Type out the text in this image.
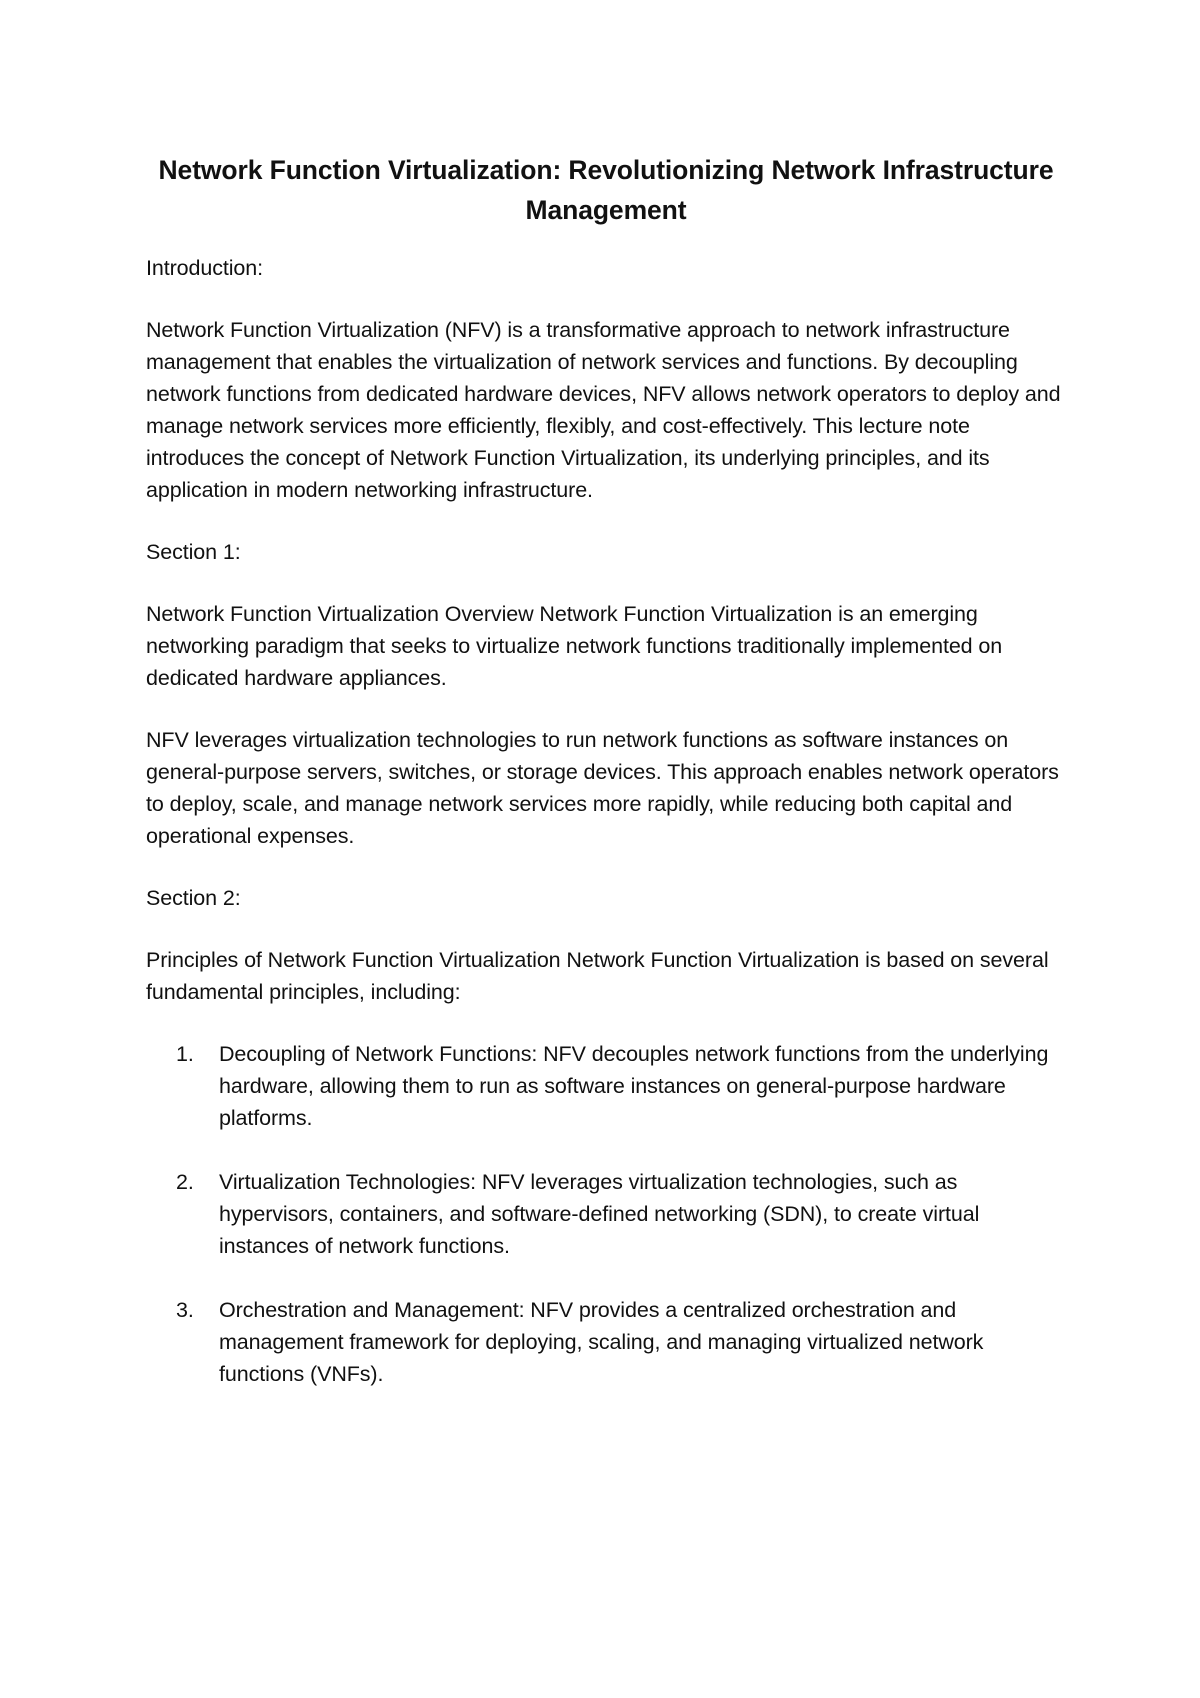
Network Function Virtualization: Revolutionizing Network Infrastructure Management

Introduction:

Network Function Virtualization (NFV) is a transformative approach to network infrastructure management that enables the virtualization of network services and functions. By decoupling network functions from dedicated hardware devices, NFV allows network operators to deploy and manage network services more efficiently, flexibly, and cost-effectively. This lecture note introduces the concept of Network Function Virtualization, its underlying principles, and its application in modern networking infrastructure.

Section 1:

Network Function Virtualization Overview Network Function Virtualization is an emerging networking paradigm that seeks to virtualize network functions traditionally implemented on dedicated hardware appliances.

NFV leverages virtualization technologies to run network functions as software instances on general-purpose servers, switches, or storage devices. This approach enables network operators to deploy, scale, and manage network services more rapidly, while reducing both capital and operational expenses.

Section 2:

Principles of Network Function Virtualization Network Function Virtualization is based on several fundamental principles, including:

1. Decoupling of Network Functions: NFV decouples network functions from the underlying hardware, allowing them to run as software instances on general-purpose hardware platforms.
2. Virtualization Technologies: NFV leverages virtualization technologies, such as hypervisors, containers, and software-defined networking (SDN), to create virtual instances of network functions.
3. Orchestration and Management: NFV provides a centralized orchestration and management framework for deploying, scaling, and managing virtualized network functions (VNFs).
